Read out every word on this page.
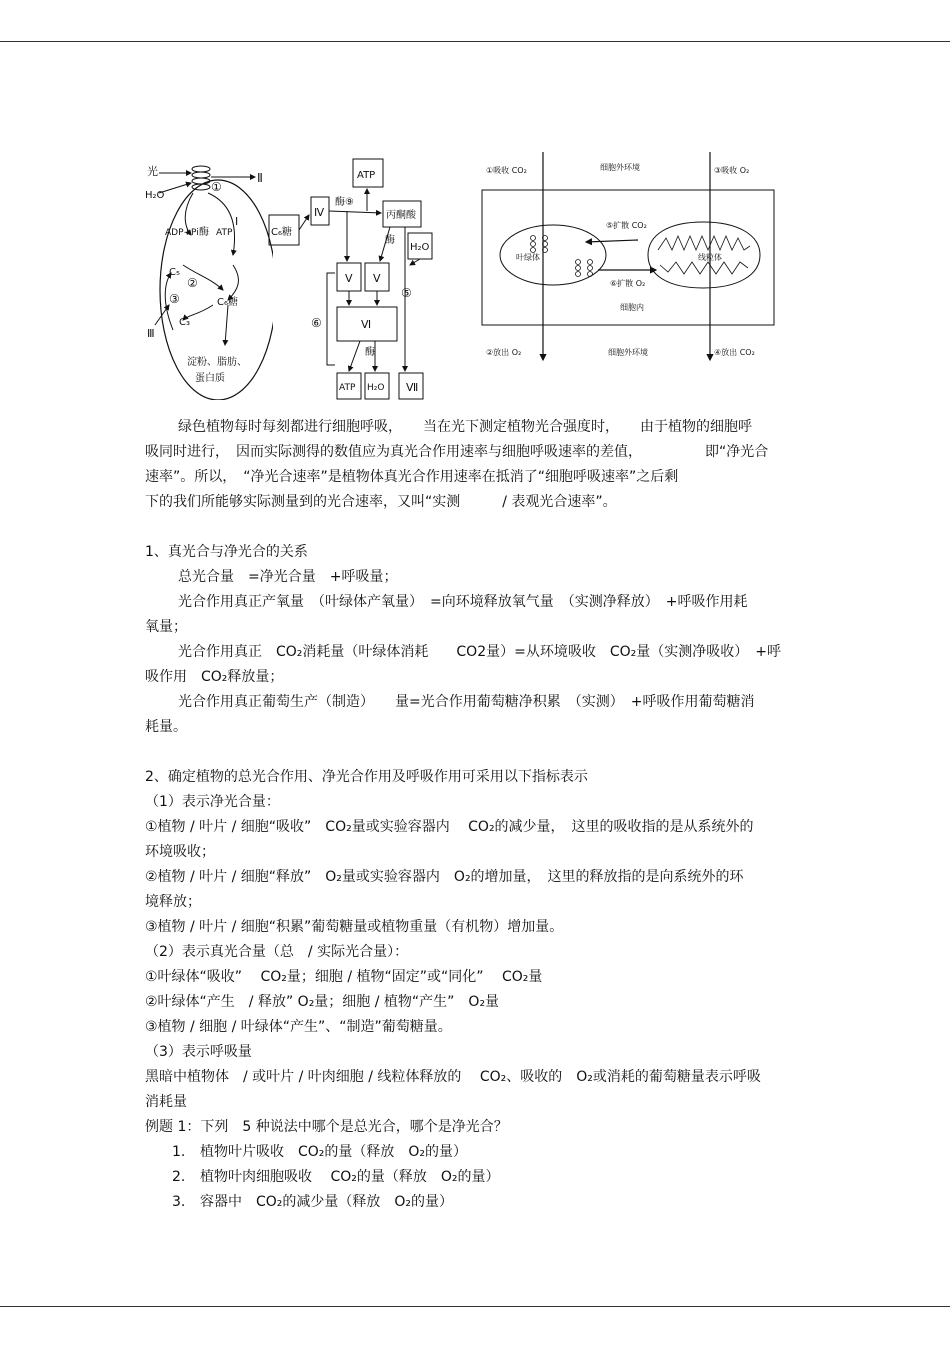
光
H₂O
Ⅱ
①
Ⅰ
ADP+Pi 酶 ATP
C₅
②
C₆糖
③
C₃
Ⅲ
淀粉、脂肪、
蛋白质
C₆糖
Ⅳ
酶⑨
ATP
丙酮酸
酶
H₂O
⑤
Ⅴ Ⅴ
⑥	Ⅵ
酶
ATP H₂O Ⅶ
①吸收 CO₂	细胞外环境	③吸收 O₂
⑤扩散 CO₂
叶绿体	线粒体
⑥扩散 O₂
细胞内
②放出 O₂	细胞外环境	④放出 CO₂

绿色植物每时每刻都进行细胞呼吸，　　当在光下测定植物光合强度时，　　由于植物的细胞呼

吸同时进行，　因而实际测得的数值应为真光合作用速率与细胞呼吸速率的差值，　　　　　即“净光合

速率”。所以，　“净光合速率”是植物体真光合作用速率在抵消了“细胞呼吸速率”之后剩

下的我们所能够实际测量到的光合速率，又叫“实测　　　/ 表观光合速率”。

1、真光合与净光合的关系

总光合量　=净光合量　+呼吸量；

光合作用真正产氧量　（叶绿体产氧量）　=向环境释放氧气量　（实测净释放）　+呼吸作用耗

氧量；

光合作用真正　CO₂消耗量（叶绿体消耗　　CO2量）=从环境吸收　CO₂量（实测净吸收）　+呼

吸作用　CO₂释放量；

光合作用真正葡萄生产（制造）　　量=光合作用葡萄糖净积累　（实测）　+呼吸作用葡萄糖消

耗量。

2、确定植物的总光合作用、净光合作用及呼吸作用可采用以下指标表示

（1）表示净光合量：

①植物 / 叶片 / 细胞“吸收”　CO₂量或实验容器内　 CO₂的减少量，　这里的吸收指的是从系统外的

环境吸收；

②植物 / 叶片 / 细胞“释放”　O₂量或实验容器内　O₂的增加量，　这里的释放指的是向系统外的环

境释放；

③植物 / 叶片 / 细胞“积累”葡萄糖量或植物重量（有机物）增加量。

（2）表示真光合量（总　/ 实际光合量）：

①叶绿体“吸收”　 CO₂量；细胞 / 植物“固定”或“同化”　 CO₂量

②叶绿体“产生　/ 释放” O₂量；细胞 / 植物“产生”　O₂量

③植物 / 细胞 / 叶绿体“产生”、“制造”葡萄糖量。

（3）表示呼吸量

黑暗中植物体　/ 或叶片 / 叶肉细胞 / 线粒体释放的　 CO₂、吸收的　O₂或消耗的葡萄糖量表示呼吸

消耗量

例题 1：下列　5 种说法中哪个是总光合，哪个是净光合？

1. 植物叶片吸收　CO₂的量（释放　O₂的量）

2. 植物叶肉细胞吸收　 CO₂的量（释放　O₂的量）

3. 容器中　CO₂的减少量（释放　O₂的量）
